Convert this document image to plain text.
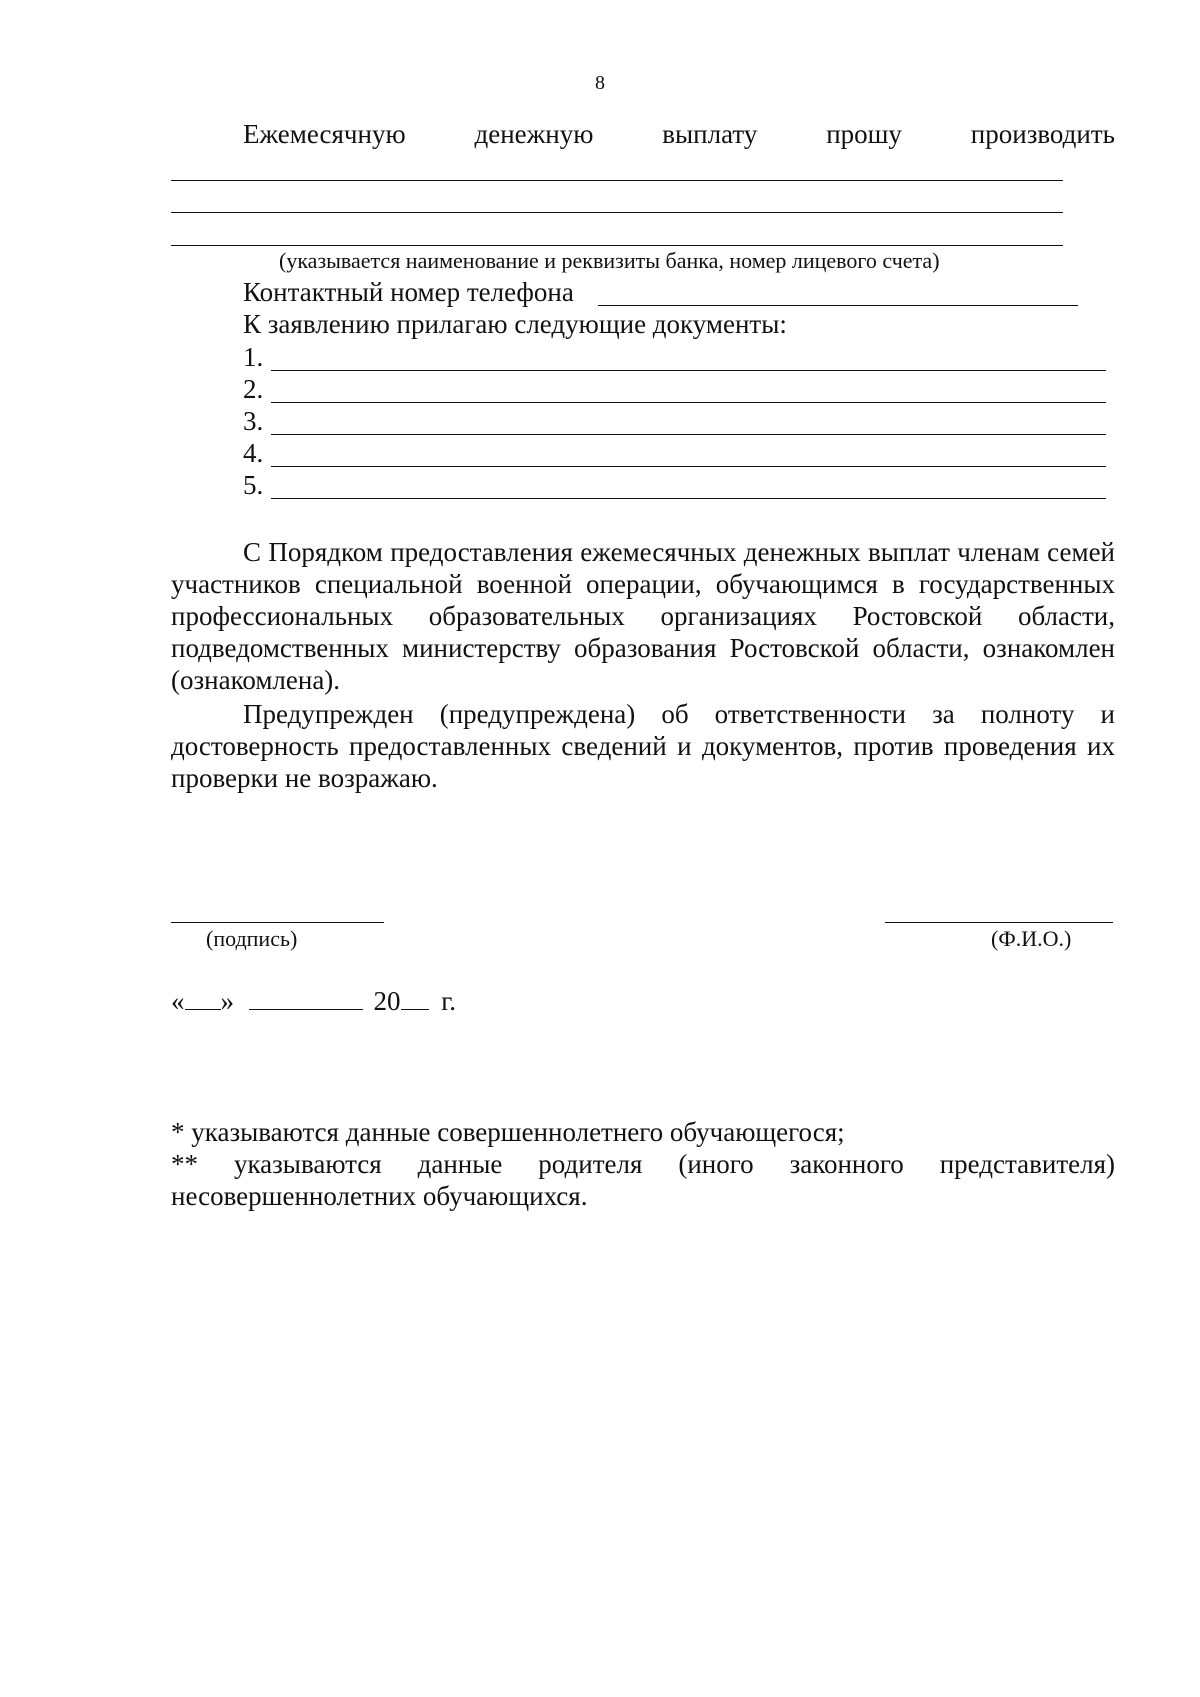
8
Ежемесячную	денежную	выплату	прошу	производить
(указывается наименование и реквизиты банка, номер лицевого счета)
Контактный номер телефона
К заявлению прилагаю следующие документы:
1.
2.
3.
4.
5.

С Порядком предоставления ежемесячных денежных выплат членам семей участников специальной военной операции, обучающимся в государственных профессиональных образовательных организациях Ростовской области, подведомственных министерству образования Ростовской области, ознакомлен (ознакомлена).

Предупрежден (предупреждена) об ответственности за полноту и достоверность предоставленных сведений и документов, против проведения их проверки не возражаю.

(подпись)	(Ф.И.О.)
« »	20 г.

* указываются данные совершеннолетнего обучающегося;

** указываются данные родителя (иного законного представителя) несовершеннолетних обучающихся.
